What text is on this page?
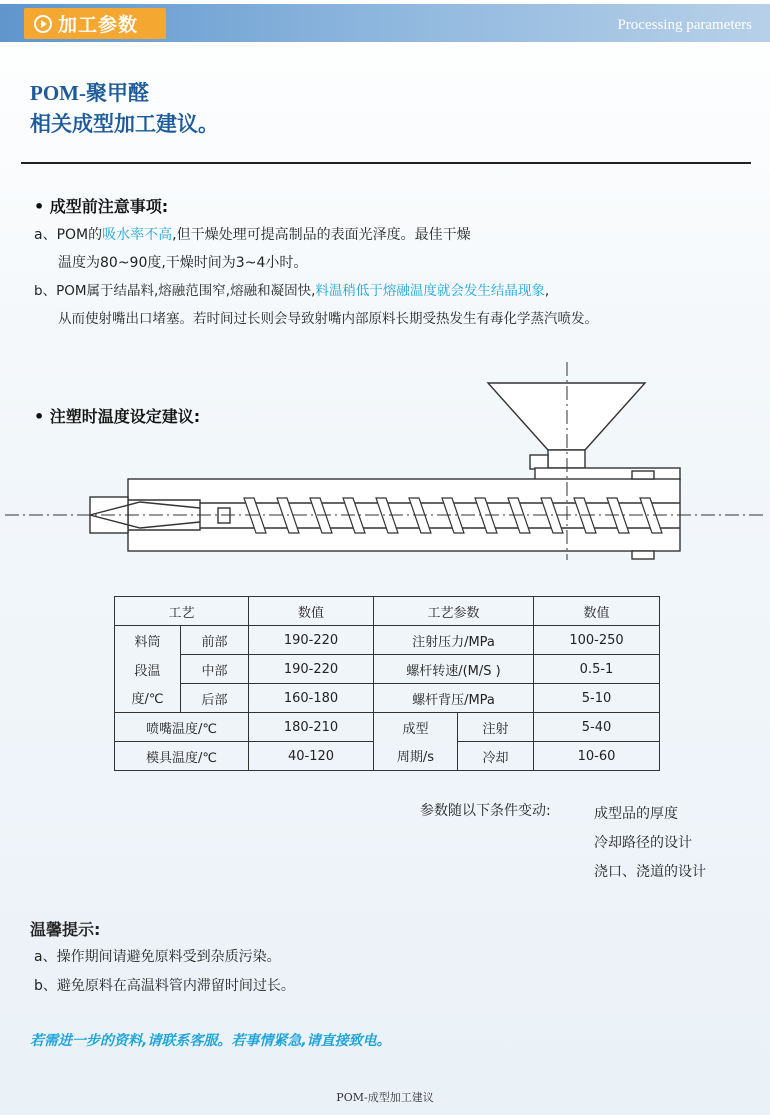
加工参数	Processing parameters
POM-聚甲醛
相关成型加工建议。
• 成型前注意事项:
a、POM的吸水率不高,但干燥处理可提高制品的表面光泽度。最佳干燥
温度为80~90度,干燥时间为3~4小时。
b、POM属于结晶料,熔融范围窄,熔融和凝固快,料温稍低于熔融温度就会发生结晶现象,
从而使射嘴出口堵塞。若时间过长则会导致射嘴内部原料长期受热发生有毒化学蒸汽喷发。
• 注塑时温度设定建议:
工艺		数值	工艺参数		数值
料筒	前部	190-220	注射压力/MPa		100-250
段温	中部	190-220	螺杆转速/(M/S )		0.5-1
度/℃	后部	160-180	螺杆背压/MPa		5-10
喷嘴温度/℃		180-210	成型	注射	5-40
模具温度/℃		40-120	周期/s	冷却	10-60
参数随以下条件变动:	成型品的厚度
冷却路径的设计
浇口、浇道的设计
温馨提示:
a、操作期间请避免原料受到杂质污染。
b、避免原料在高温料管内滞留时间过长。
若需进一步的资料,请联系客服。若事情紧急,请直接致电。
POM-成型加工建议
